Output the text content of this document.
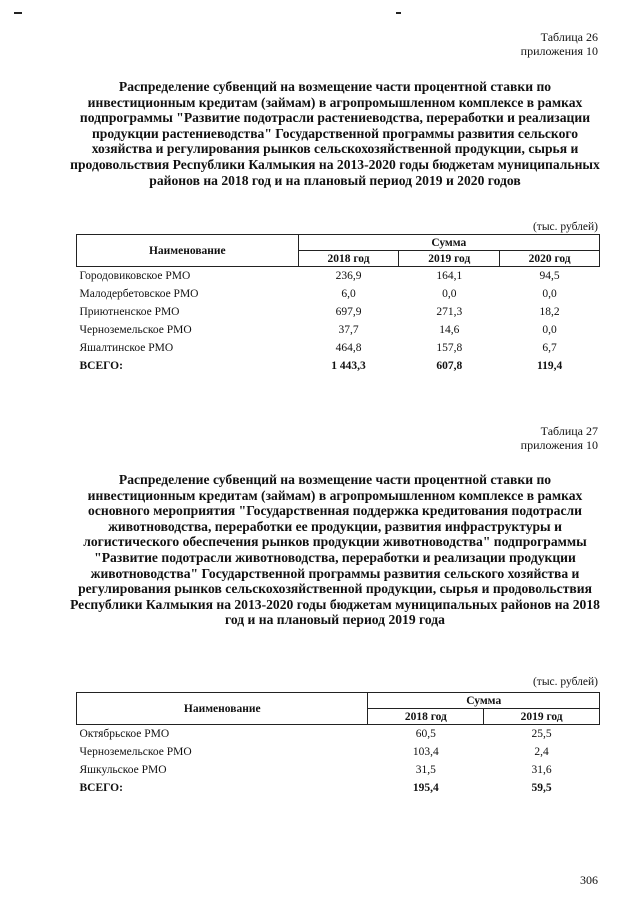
Таблица 26
приложения 10
Распределение субвенций на возмещение части процентной ставки по инвестиционным кредитам (займам) в агропромышленном комплексе в рамках подпрограммы "Развитие подотрасли растениеводства, переработки и реализации продукции растениеводства" Государственной программы развития сельского хозяйства и регулирования рынков сельскохозяйственной продукции, сырья и продовольствия Республики Калмыкия на 2013-2020 годы бюджетам муниципальных районов на 2018 год и на плановый период 2019 и 2020 годов
(тыс. рублей)
Наименование	Сумма		
	2018 год	2019 год	2020 год
Городовиковское РМО	236,9	164,1	94,5
Малодербетовское РМО	6,0	0,0	0,0
Приютненское РМО	697,9	271,3	18,2
Черноземельское РМО	37,7	14,6	0,0
Яшалтинское РМО	464,8	157,8	6,7
ВСЕГО:	1 443,3	607,8	119,4
Таблица 27
приложения 10
Распределение субвенций на возмещение части процентной ставки по инвестиционным кредитам (займам) в агропромышленном комплексе в рамках основного мероприятия "Государственная поддержка кредитования подотрасли животноводства, переработки ее продукции, развития инфраструктуры и логистического обеспечения рынков продукции животноводства" подпрограммы "Развитие подотрасли животноводства, переработки и реализации продукции животноводства" Государственной программы развития сельского хозяйства и регулирования рынков сельскохозяйственной продукции, сырья и продовольствия Республики Калмыкия на 2013-2020 годы бюджетам муниципальных районов на 2018 год и на плановый период 2019 года
(тыс. рублей)
Наименование	Сумма	
	2018 год	2019 год
Октябрьское РМО	60,5	25,5
Черноземельское РМО	103,4	2,4
Яшкульское РМО	31,5	31,6
ВСЕГО:	195,4	59,5
306
